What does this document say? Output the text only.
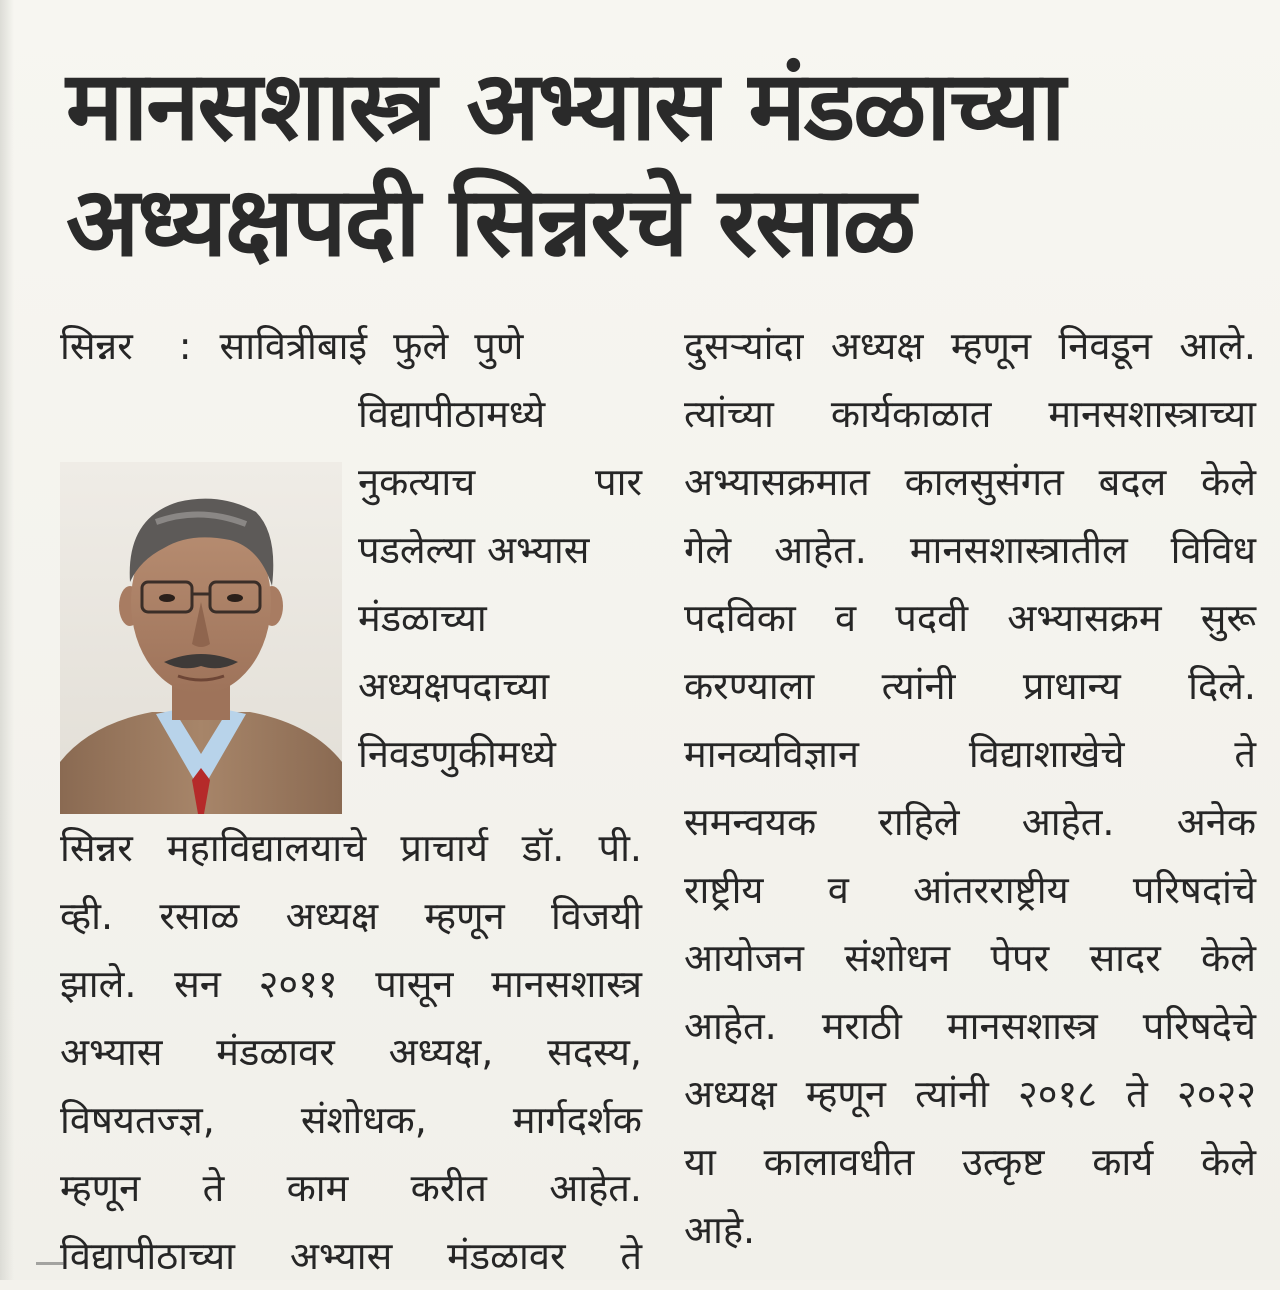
मानसशास्त्र अभ्यास मंडळाच्या
अध्यक्षपदी सिन्नरचे रसाळ
सिन्नर : सावित्रीबाई फुले पुणे
विद्यापीठामध्ये
नुकत्याच पार
पडलेल्या अभ्यास
मंडळाच्या
अध्यक्षपदाच्या
निवडणुकीमध्ये
सिन्नर महाविद्यालयाचे प्राचार्य डॉ. पी.
व्ही. रसाळ अध्यक्ष म्हणून विजयी
झाले. सन २०११ पासून मानसशास्त्र
अभ्यास मंडळावर अध्यक्ष, सदस्य,
विषयतज्ज्ञ, संशोधक, मार्गदर्शक
म्हणून ते काम करीत आहेत.
विद्यापीठाच्या अभ्यास मंडळावर ते
दुसऱ्यांदा अध्यक्ष म्हणून निवडून आले.
त्यांच्या कार्यकाळात मानसशास्त्राच्या
अभ्यासक्रमात कालसुसंगत बदल केले
गेले आहेत. मानसशास्त्रातील विविध
पदविका व पदवी अभ्यासक्रम सुरू
करण्याला त्यांनी प्राधान्य दिले.
मानव्यविज्ञान विद्याशाखेचे ते
समन्वयक राहिले आहेत. अनेक
राष्ट्रीय व आंतरराष्ट्रीय परिषदांचे
आयोजन संशोधन पेपर सादर केले
आहेत. मराठी मानसशास्त्र परिषदेचे
अध्यक्ष म्हणून त्यांनी २०१८ ते २०२२
या कालावधीत उत्कृष्ट कार्य केले
आहे.
